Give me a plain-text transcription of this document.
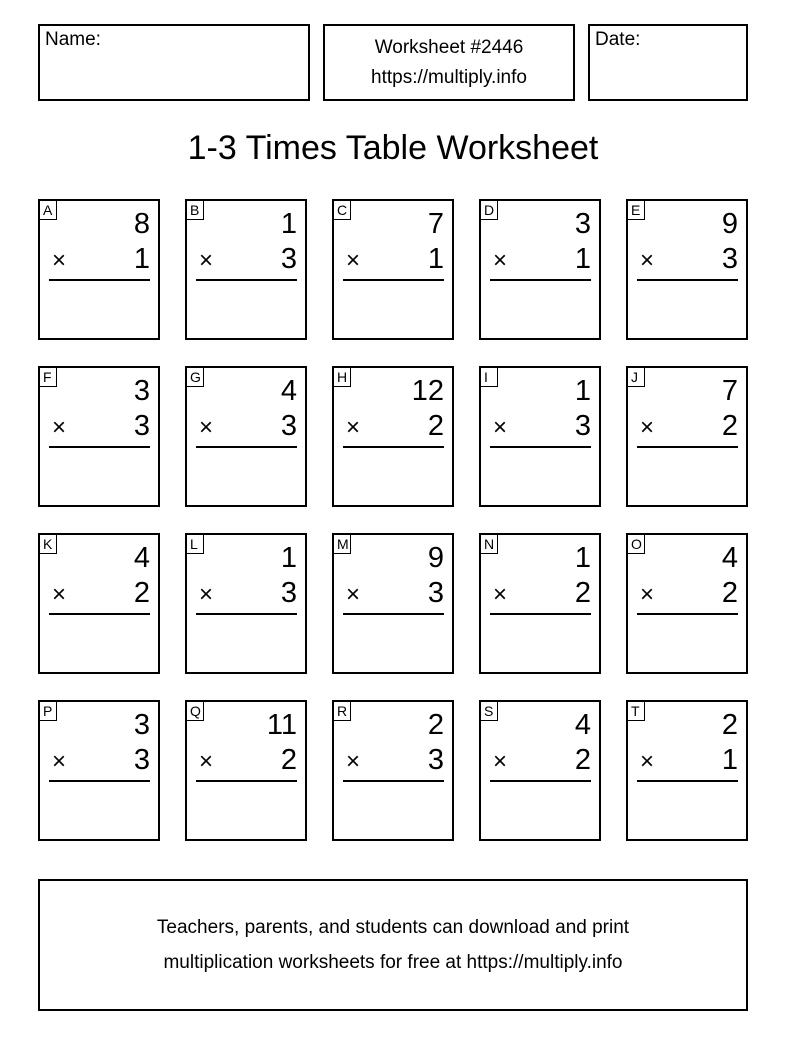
Name:	Worksheet #2446
https://multiply.info
Date:
1-3 Times Table Worksheet
A	8
× 1
B	1
× 3
C	7
× 1
D	3
× 1
E	9
× 3
F	3
× 3
G	4
× 3
H 12
× 2
I	1
× 3
J	7
× 2
K	4
× 2
L	1
× 3
M	9
× 3
N	1
× 2
O	4
× 2
P	3
× 3
Q 11
× 2
R	2
× 3
S	4
× 2
T	2
× 1
Teachers, parents, and students can download and print
multiplication worksheets for free at https://multiply.info
